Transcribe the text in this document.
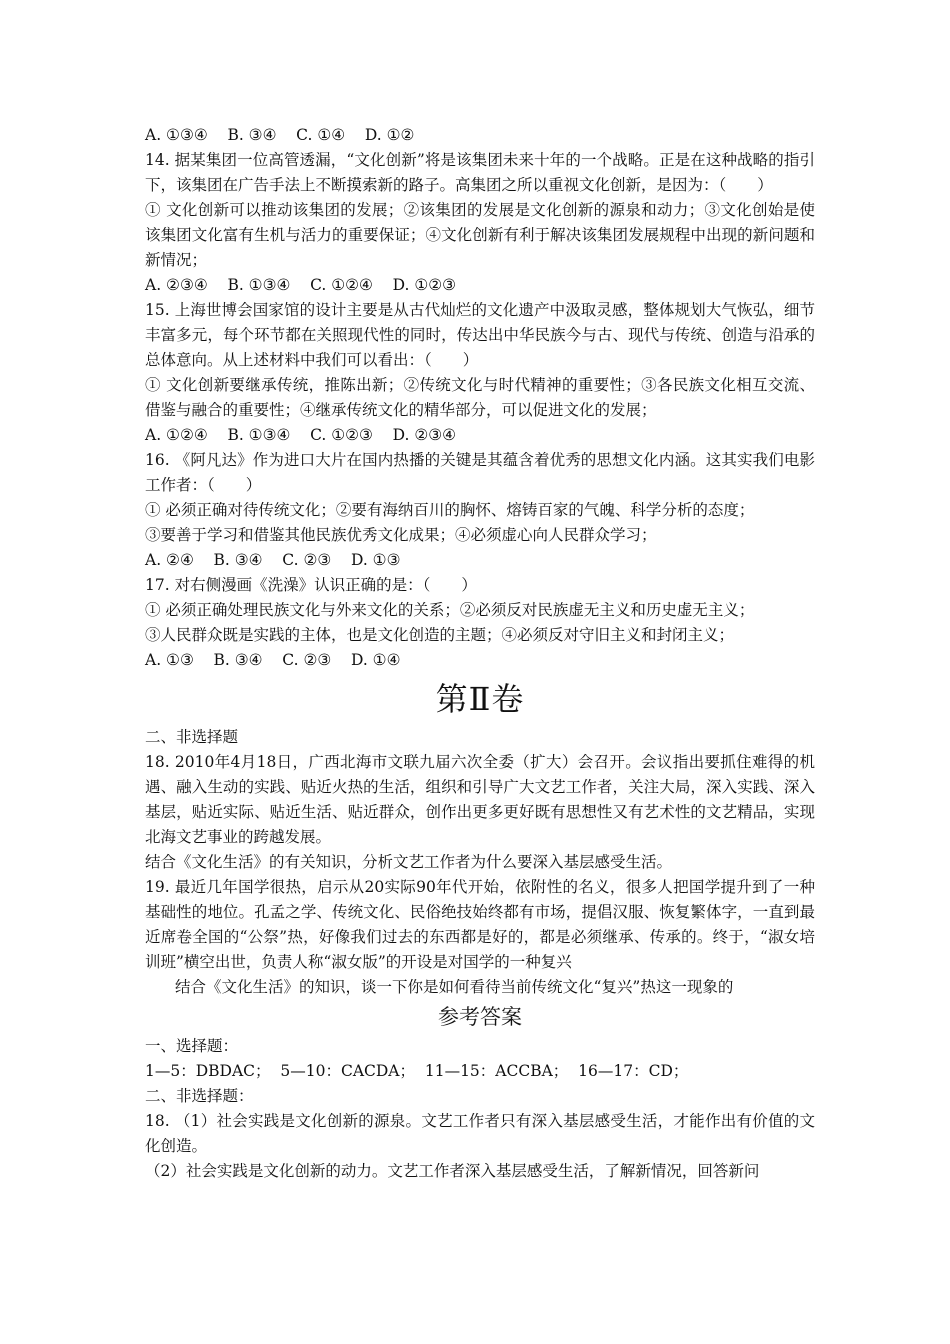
A. ①③④    B. ③④    C. ①④    D. ①②

14. 据某集团一位高管透漏，“文化创新”将是该集团未来十年的一个战略。正是在这种战略的指引下，该集团在广告手法上不断摸索新的路子。高集团之所以重视文化创新，是因为：（　　）

① 文化创新可以推动该集团的发展；②该集团的发展是文化创新的源泉和动力；③文化创始是使该集团文化富有生机与活力的重要保证；④文化创新有利于解决该集团发展规程中出现的新问题和新情况；

A. ②③④    B. ①③④    C. ①②④    D. ①②③

15. 上海世博会国家馆的设计主要是从古代灿烂的文化遗产中汲取灵感，整体规划大气恢弘，细节丰富多元，每个环节都在关照现代性的同时，传达出中华民族今与古、现代与传统、创造与沿承的总体意向。从上述材料中我们可以看出：（　　）

① 文化创新要继承传统，推陈出新；②传统文化与时代精神的重要性；③各民族文化相互交流、借鉴与融合的重要性；④继承传统文化的精华部分，可以促进文化的发展；

A. ①②④    B. ①③④    C. ①②③    D. ②③④

16. 《阿凡达》作为进口大片在国内热播的关键是其蕴含着优秀的思想文化内涵。这其实我们电影工作者：（　　）

① 必须正确对待传统文化；②要有海纳百川的胸怀、熔铸百家的气魄、科学分析的态度；

③要善于学习和借鉴其他民族优秀文化成果；④必须虚心向人民群众学习；

A. ②④    B. ③④    C. ②③    D. ①③

17. 对右侧漫画《洗澡》认识正确的是：（　　）

① 必须正确处理民族文化与外来文化的关系；②必须反对民族虚无主义和历史虚无主义；

③人民群众既是实践的主体，也是文化创造的主题；④必须反对守旧主义和封闭主义；

A. ①③    B. ③④    C. ②③    D. ①④

第Ⅱ卷

二、非选择题

18. 2010年4月18日，广西北海市文联九届六次全委（扩大）会召开。会议指出要抓住难得的机遇、融入生动的实践、贴近火热的生活，组织和引导广大文艺工作者，关注大局，深入实践、深入基层，贴近实际、贴近生活、贴近群众，创作出更多更好既有思想性又有艺术性的文艺精品，实现北海文艺事业的跨越发展。

结合《文化生活》的有关知识，分析文艺工作者为什么要深入基层感受生活。

19. 最近几年国学很热，启示从20实际90年代开始，依附性的名义，很多人把国学提升到了一种基础性的地位。孔孟之学、传统文化、民俗绝技始终都有市场，提倡汉服、恢复繁体字，一直到最近席卷全国的“公祭”热，好像我们过去的东西都是好的，都是必须继承、传承的。终于，“淑女培训班”横空出世，负责人称“淑女版”的开设是对国学的一种复兴

结合《文化生活》的知识，谈一下你是如何看待当前传统文化“复兴”热这一现象的

参考答案

一、选择题：

1—5：DBDAC；  5—10：CACDA；  11—15：ACCBA；  16—17：CD；

二、非选择题：

18. （1）社会实践是文化创新的源泉。文艺工作者只有深入基层感受生活，才能作出有价值的文化创造。

（2）社会实践是文化创新的动力。文艺工作者深入基层感受生活，了解新情况，回答新问
